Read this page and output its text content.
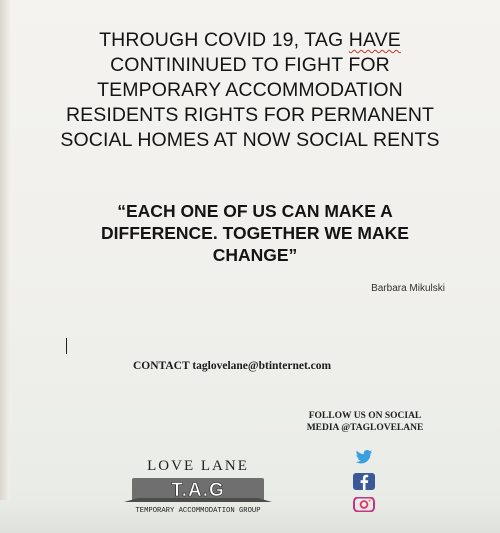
THROUGH COVID 19, TAG HAVE
CONTININUED TO FIGHT FOR
TEMPORARY ACCOMMODATION
RESIDENTS RIGHTS FOR PERMANENT
SOCIAL HOMES AT NOW SOCIAL RENTS

“EACH ONE OF US CAN MAKE A
DIFFERENCE. TOGETHER WE MAKE
CHANGE”

Barbara Mikulski
CONTACT taglovelane@btinternet.com
FOLLOW US ON SOCIAL
MEDIA @TAGLOVELANE
LOVE LANE
T.A.G
TEMPORARY ACCOMMODATION GROUP
